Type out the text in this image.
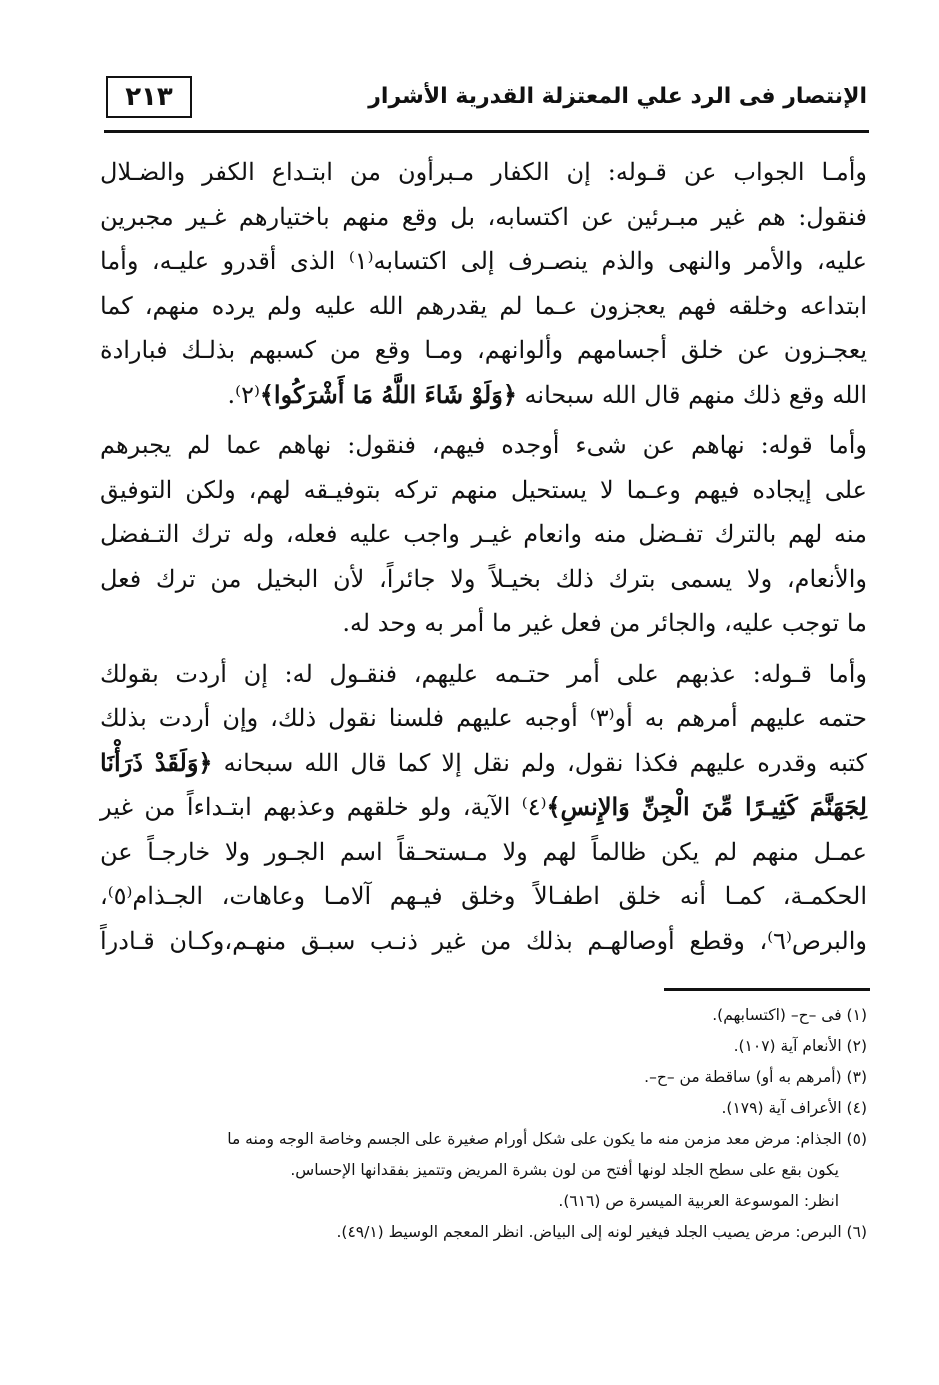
٢١٣	الإنتصار فى الرد علي المعتزلة القدرية الأشرار

وأمـا الجواب عن قـوله: إن الكفار مـبرأون من ابتـداع الكفر والضـلال
فنقول: هم غير مبـرئين عن اكتسابه، بل وقع منهم باختيارهم غـير مجبرين
عليه، والأمر والنهى والذم ينصـرف إلى اكتسابه⁽١⁾ الذى أقدرو عليـه، وأما
ابتداعه وخلقه فهم يعجزون عـما لم يقدرهم الله عليه ولم يرده منهم، كما
يعجـزون عن خلق أجسامهم وألوانهم، ومـا وقع من كسبهم بذلـك فبارادة
الله وقع ذلك منهم قال الله سبحانه ﴿وَلَوْ شَاءَ اللَّهُ مَا أَشْرَكُوا﴾⁽٢⁾.

وأما قوله: نهاهم عن شىء أوجده فيهم، فنقول: نهاهم عما لم يجبرهم
على إيجاده فيهم وعـما لا يستحيل منهم تركه بتوفيـقه لهم، ولكن التوفيق
منه لهم بالترك تفـضل منه وانعام غيـر واجب عليه فعله، وله ترك التـفضل
والأنعام، ولا يسمى بترك ذلك بخيـلاً ولا جائراً، لأن البخيل من ترك فعل
ما توجب عليه، والجائر من فعل غير ما أمر به وحد له.

وأما قـوله: عذبهم على أمر حتـمه عليهم، فنقـول له: إن أردت بقولك
حتمه عليهم أمرهم به أو⁽٣⁾ أوجبه عليهم فلسنا نقول ذلك، وإن أردت بذلك
كتبه وقدره عليهم فكذا نقول، ولم نقل إلا كما قال الله سبحانه ﴿وَلَقَدْ ذَرَأْنَا
لِجَهَنَّمَ كَثِيـرًا مِّنَ الْجِنِّ وَالإِنسِ﴾⁽٤⁾ الآية، ولو خلقهم وعذبهم ابتـداءاً من غير
عمـل منهم لم يكن ظالماً لهم ولا مـستحـقاً اسم الجـور ولا خارجـاً عن
الحكمـة، كمـا أنه خلق اطفـالاً وخلق فيـهم آلامـا وعاهات، الجـذام⁽٥⁾،
والبرص⁽٦⁾، وقطع أوصالهـم بذلك من غير ذنـب سبـق منهـم،وكـان قـادراً

(١) فى –ح– (اكتسابهم).

(٢) الأنعام آية (١٠٧).

(٣) (أمرهم به أو) ساقطة من –ح–.

(٤) الأعراف آية (١٧٩).

(٥) الجذام: مرض معد مزمن منه ما يكون على شكل أورام صغيرة على الجسم وخاصة الوجه ومنه ما

يكون بقع على سطح الجلد لونها أفتح من لون بشرة المريض وتتميز بفقدانها الإحساس.

انظر: الموسوعة العربية الميسرة ص (٦١٦).

(٦) البرص: مرض يصيب الجلد فيغير لونه إلى البياض. انظر المعجم الوسيط (٤٩/١).
